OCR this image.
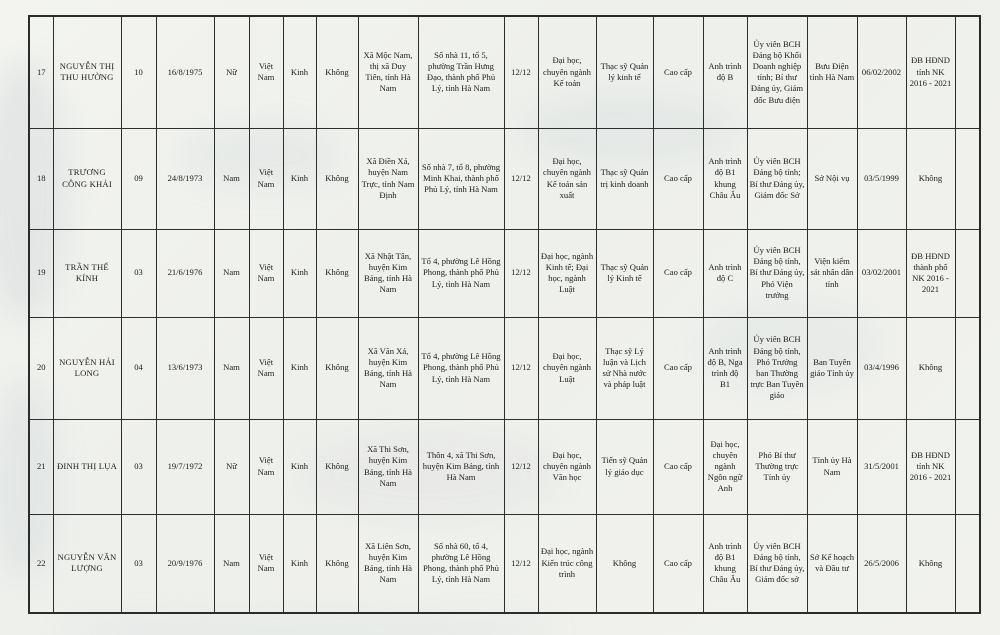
17	NGUYỄN THỊ THU HƯỜNG	10	16/8/1975	Nữ	Việt Nam	Kinh	Không	Xã Mộc Nam, thị xã Duy Tiên, tỉnh Hà Nam	Số nhà 11, tổ 5, phường Trần Hưng Đạo, thành phố Phủ Lý, tỉnh Hà Nam	12/12	Đại học, chuyên ngành Kế toán	Thạc sỹ Quản lý kinh tế	Cao cấp	Anh trình độ B	Ủy viên BCH Đảng bộ Khối Doanh nghiệp tỉnh; Bí thư Đảng ủy, Giám đốc Bưu điện	Bưu Điện tỉnh Hà Nam	06/02/2002	ĐB HĐND tỉnh NK 2016 - 2021	
18	TRƯƠNG CÔNG KHẢI	09	24/8/1973	Nam	Việt Nam	Kinh	Không	Xã Điền Xá, huyện Nam Trực, tỉnh Nam Định	Số nhà 7, tổ 8, phường Minh Khai, thành phố Phủ Lý, tỉnh Hà Nam	12/12	Đại học, chuyên ngành Kế toán sản xuất	Thạc sỹ Quản trị kinh doanh	Cao cấp	Anh trình độ B1 khung Châu Âu	Ủy viên BCH Đảng bộ tỉnh; Bí thư Đảng ủy, Giám đốc Sở	Sở Nội vụ	03/5/1999	Không	
19	TRẦN THẾ KÍNH	03	21/6/1976	Nam	Việt Nam	Kinh	Không	Xã Nhật Tân, huyện Kim Bảng, tỉnh Hà Nam	Tổ 4, phường Lê Hồng Phong, thành phố Phủ Lý, tỉnh Hà Nam	12/12	Đại học, ngành Kinh tế; Đại học, ngành Luật	Thạc sỹ Quản lý Kinh tế	Cao cấp	Anh trình độ C	Ủy viên BCH Đảng bộ tỉnh, Bí thư Đảng ủy, Phó Viện trưởng	Viện kiểm sát nhân dân tỉnh	03/02/2001	ĐB HĐND thành phố NK 2016 - 2021	
20	NGUYỄN HẢI LONG	04	13/6/1973	Nam	Việt Nam	Kinh	Không	Xã Văn Xá, huyện Kim Bảng, tỉnh Hà Nam	Tổ 4, phường Lê Hồng Phong, thành phố Phủ Lý, tỉnh Hà Nam	12/12	Đại học, chuyên ngành Luật	Thạc sỹ Lý luận và Lịch sử Nhà nước và pháp luật	Cao cấp	Anh trình độ B, Nga trình độ B1	Ủy viên BCH Đảng bộ tỉnh, Phó Trưởng ban Thường trực Ban Tuyên giáo	Ban Tuyên giáo Tỉnh ủy	03/4/1996	Không	
21	ĐINH THỊ LỤA	03	19/7/1972	Nữ	Việt Nam	Kinh	Không	Xã Thi Sơn, huyện Kim Bảng, tỉnh Hà Nam	Thôn 4, xã Thi Sơn, huyện Kim Bảng, tỉnh Hà Nam	12/12	Đại học, chuyên ngành Văn học	Tiến sỹ Quản lý giáo dục	Cao cấp	Đại học, chuyên ngành Ngôn ngữ Anh	Phó Bí thư Thường trực Tỉnh ủy	Tỉnh ủy Hà Nam	31/5/2001	ĐB HĐND tỉnh NK 2016 - 2021	
22	NGUYỄN VĂN LƯỢNG	03	20/9/1976	Nam	Việt Nam	Kinh	Không	Xã Liên Sơn, huyện Kim Bảng, tỉnh Hà Nam	Số nhà 60, tổ 4, phường Lê Hồng Phong, thành phố Phủ Lý, tỉnh Hà Nam	12/12	Đại học, ngành Kiến trúc công trình	Không	Cao cấp	Anh trình độ B1 khung Châu Âu	Ủy viên BCH Đảng bộ tỉnh, Bí thư Đảng ủy, Giám đốc sở	Sở Kế hoạch và Đầu tư	26/5/2006	Không	
